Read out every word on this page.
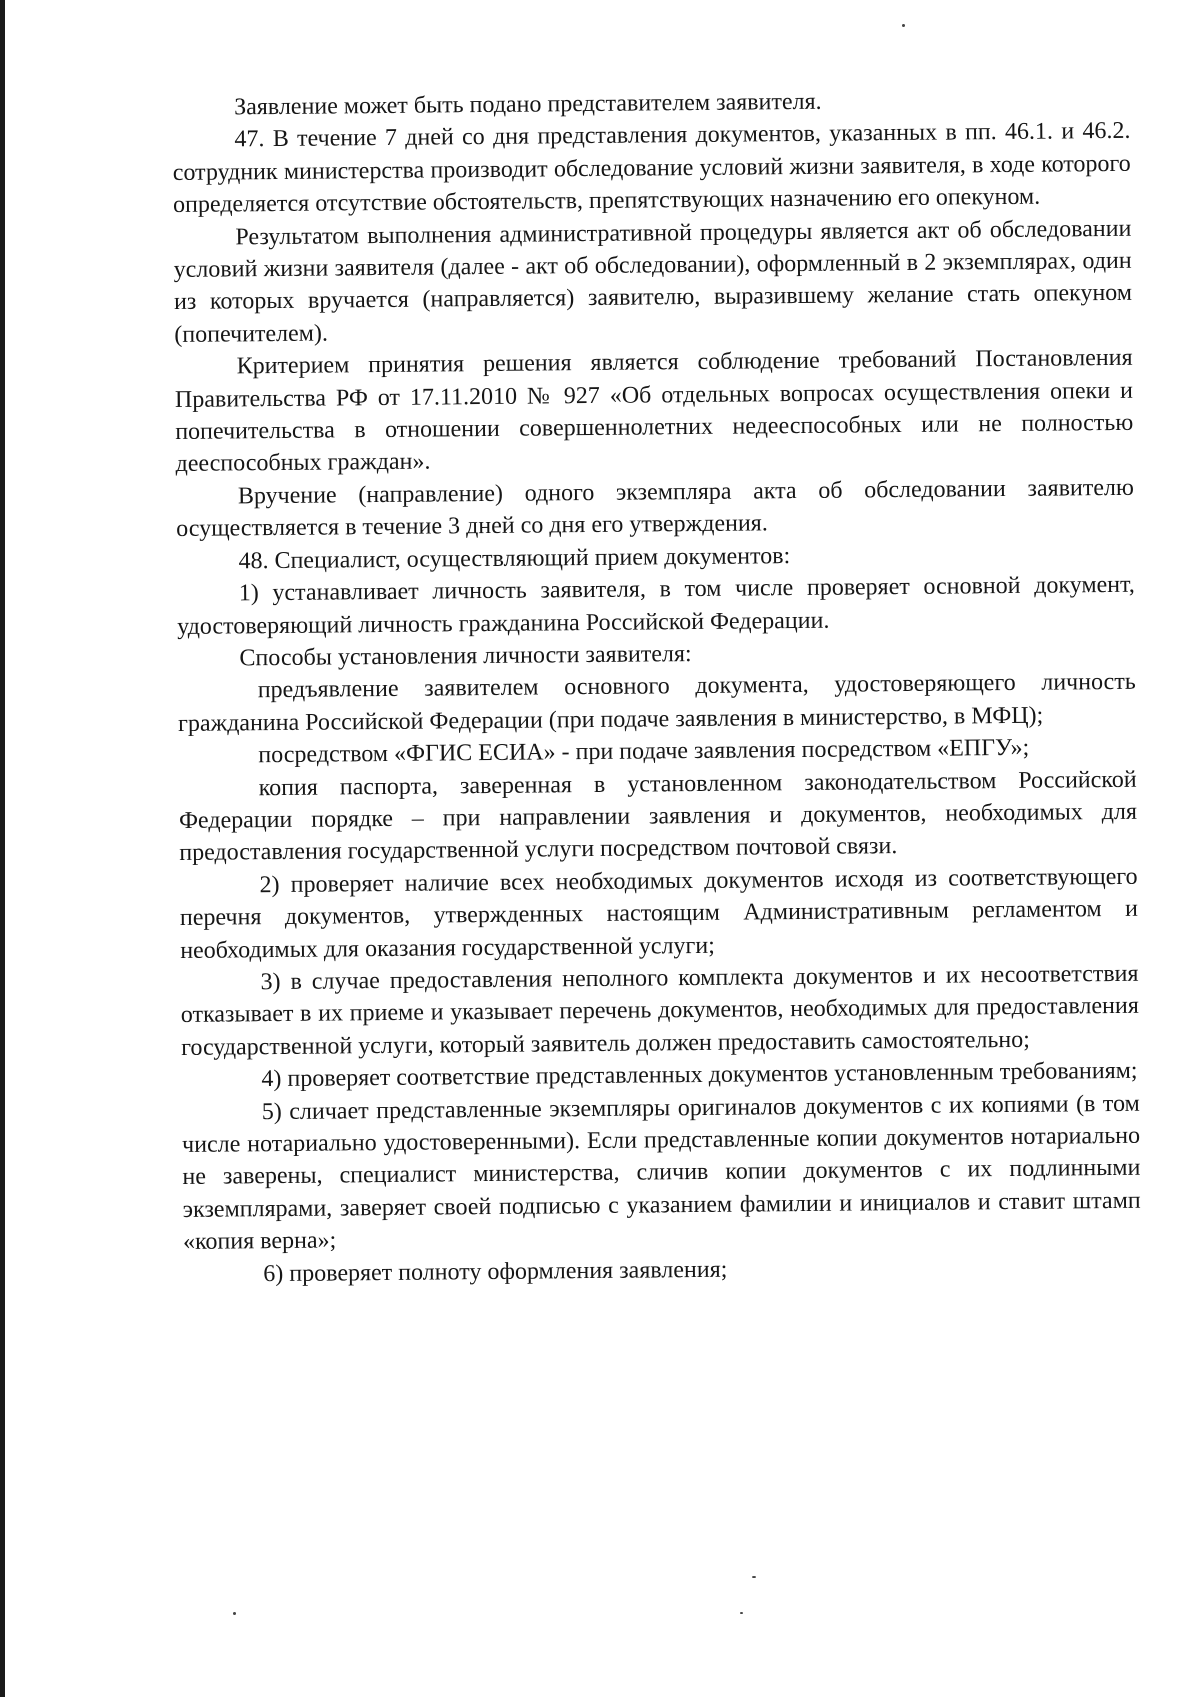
Заявление может быть подано представителем заявителя.

47. В течение 7 дней со дня представления документов, указанных в пп. 46.1. и 46.2. сотрудник министерства производит обследование условий жизни заявителя, в ходе которого определяется отсутствие обстоятельств, препятствующих назначению его опекуном.

Результатом выполнения административной процедуры является акт об обследовании условий жизни заявителя (далее - акт об обследовании), оформленный в 2 экземплярах, один из которых вручается (направляется) заявителю, выразившему желание стать опекуном (попечителем).

Критерием принятия решения является соблюдение требований Постановления Правительства РФ от 17.11.2010 № 927 «Об отдельных вопросах осуществления опеки и попечительства в отношении совершеннолетних недееспособных или не полностью дееспособных граждан».

Вручение (направление) одного экземпляра акта об обследовании заявителю осуществляется в течение 3 дней со дня его утверждения.

48. Специалист, осуществляющий прием документов:

1) устанавливает личность заявителя, в том числе проверяет основной документ, удостоверяющий личность гражданина Российской Федерации.

Способы установления личности заявителя:

предъявление заявителем основного документа, удостоверяющего личность гражданина Российской Федерации (при подаче заявления в министерство, в МФЦ);

посредством «ФГИС ЕСИА» - при подаче заявления посредством «ЕПГУ»;

копия паспорта, заверенная в установленном законодательством Российской Федерации порядке – при направлении заявления и документов, необходимых для предоставления государственной услуги посредством почтовой связи.

2) проверяет наличие всех необходимых документов исходя из соответствующего перечня документов, утвержденных настоящим Административным регламентом и необходимых для оказания государственной услуги;

3) в случае предоставления неполного комплекта документов и их несоответствия отказывает в их приеме и указывает перечень документов, необходимых для предоставления государственной услуги, который заявитель должен предоставить самостоятельно;

4) проверяет соответствие представленных документов установленным требованиям;

5) сличает представленные экземпляры оригиналов документов с их копиями (в том числе нотариально удостоверенными). Если представленные копии документов нотариально не заверены, специалист министерства, сличив копии документов с их подлинными экземплярами, заверяет своей подписью с указанием фамилии и инициалов и ставит штамп «копия верна»;

6) проверяет полноту оформления заявления;
